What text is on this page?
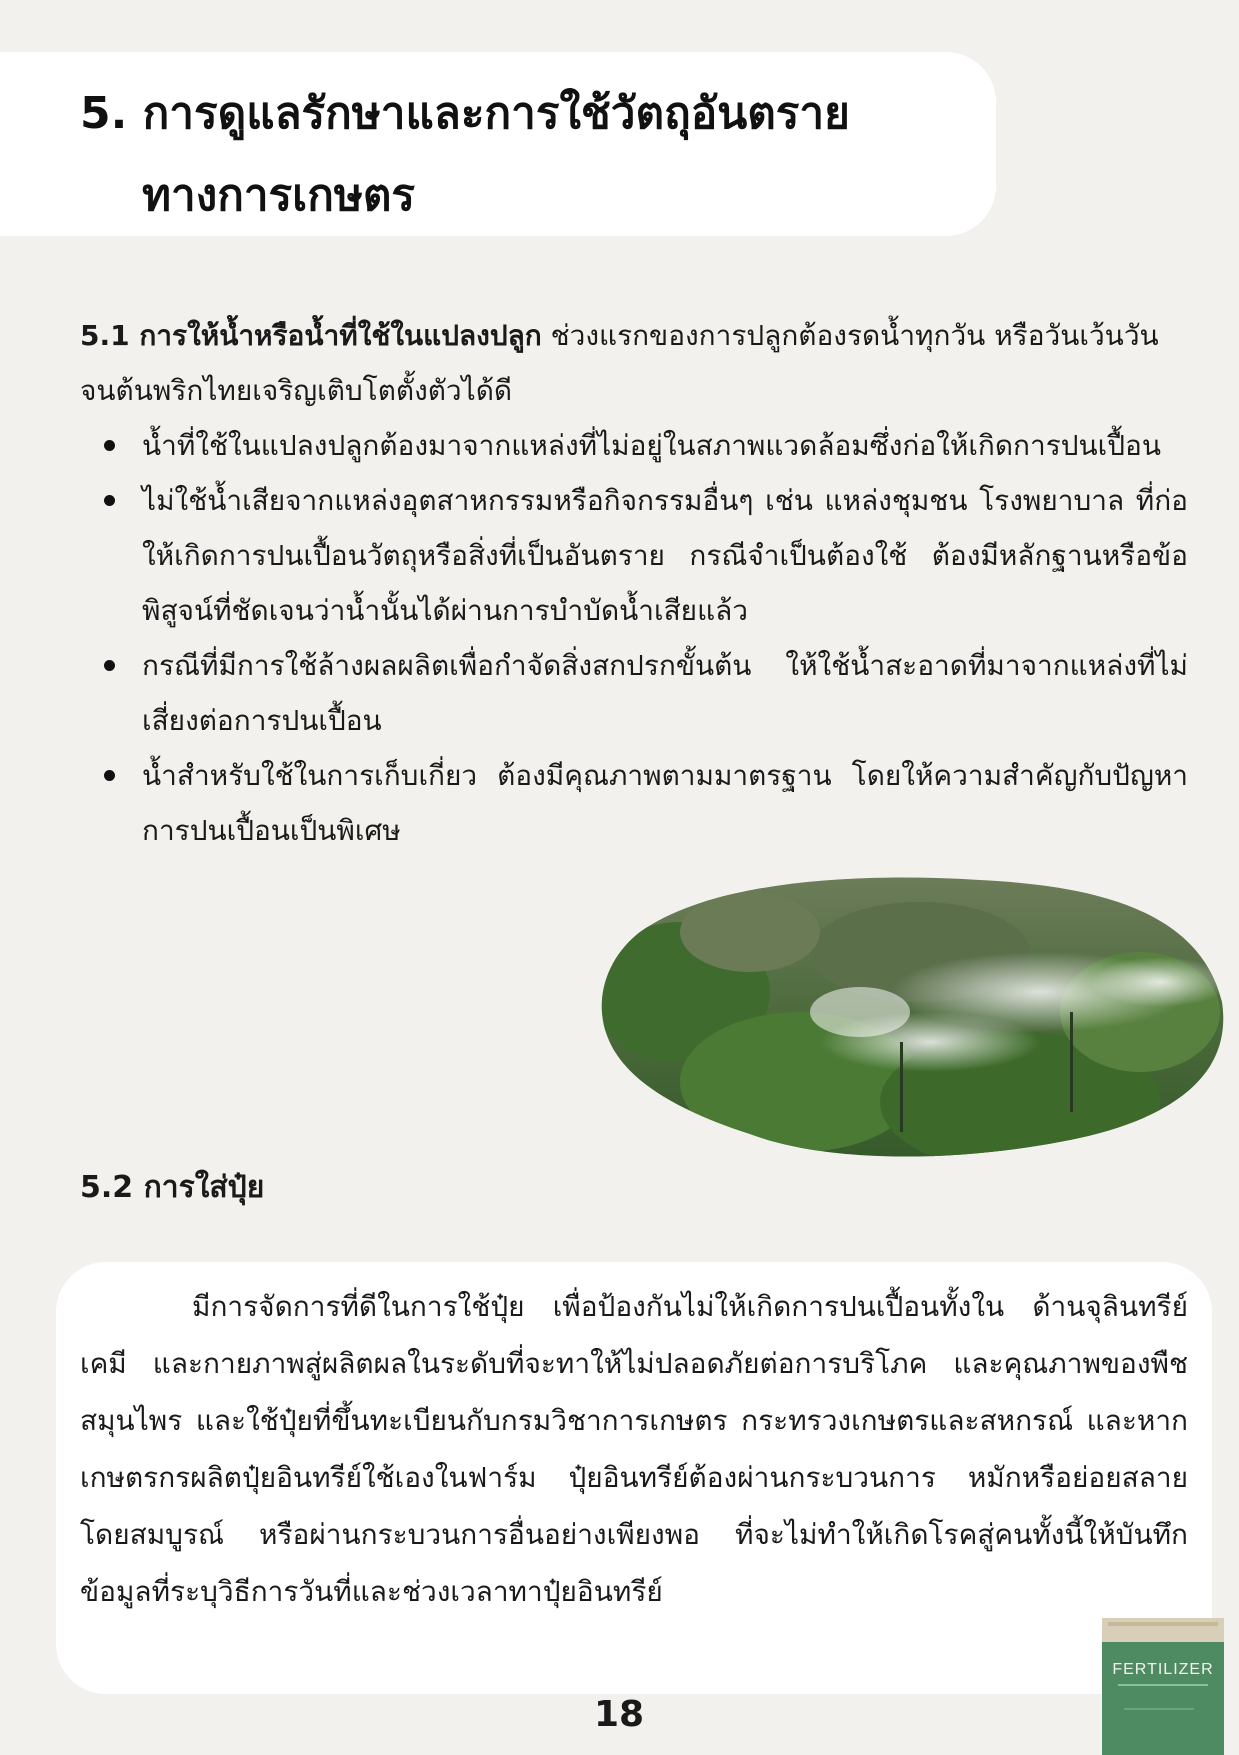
5. การดูแลรักษาและการใช้วัตถุอันตราย
ทางการเกษตร
5.1 การให้น้ำหรือน้ำที่ใช้ในแปลงปลูก ช่วงแรกของการปลูกต้องรดน้ำทุกวัน หรือวันเว้นวัน จนต้นพริกไทยเจริญเติบโตตั้งตัวได้ดี
น้ำที่ใช้ในแปลงปลูกต้องมาจากแหล่งที่ไม่อยู่ในสภาพแวดล้อมซึ่งก่อให้เกิดการปนเปื้อน
ไม่ใช้น้ำเสียจากแหล่งอุตสาหกรรมหรือกิจกรรมอื่นๆ เช่น แหล่งชุมชน โรงพยาบาล ที่ก่อให้เกิดการปนเปื้อนวัตถุหรือสิ่งที่เป็นอันตราย กรณีจำเป็นต้องใช้ ต้องมีหลักฐานหรือข้อพิสูจน์ที่ชัดเจนว่าน้ำนั้นได้ผ่านการบำบัดน้ำเสียแล้ว
กรณีที่มีการใช้ล้างผลผลิตเพื่อกำจัดสิ่งสกปรกขั้นต้น ให้ใช้น้ำสะอาดที่มาจากแหล่งที่ไม่เสี่ยงต่อการปนเปื้อน
น้ำสำหรับใช้ในการเก็บเกี่ยว ต้องมีคุณภาพตามมาตรฐาน โดยให้ความสำคัญกับปัญหาการปนเปื้อนเป็นพิเศษ
5.2 การใส่ปุ๋ย
มีการจัดการที่ดีในการใช้ปุ๋ย เพื่อป้องกันไม่ให้เกิดการปนเปื้อนทั้งใน ด้านจุลินทรีย์ เคมี และกายภาพสู่ผลิตผลในระดับที่จะทาให้ไม่ปลอดภัยต่อการบริโภค และคุณภาพของพืชสมุนไพร และใช้ปุ๋ยที่ขึ้นทะเบียนกับกรมวิชาการเกษตร กระทรวงเกษตรและสหกรณ์ และหากเกษตรกรผลิตปุ๋ยอินทรีย์ใช้เองในฟาร์ม ปุ๋ยอินทรีย์ต้องผ่านกระบวนการ หมักหรือย่อยสลายโดยสมบูรณ์ หรือผ่านกระบวนการอื่นอย่างเพียงพอ ที่จะไม่ทำให้เกิดโรคสู่คนทั้งนี้ให้บันทึกข้อมูลที่ระบุวิธีการวันที่และช่วงเวลาทาปุ๋ยอินทรีย์
18
FERTILIZER
